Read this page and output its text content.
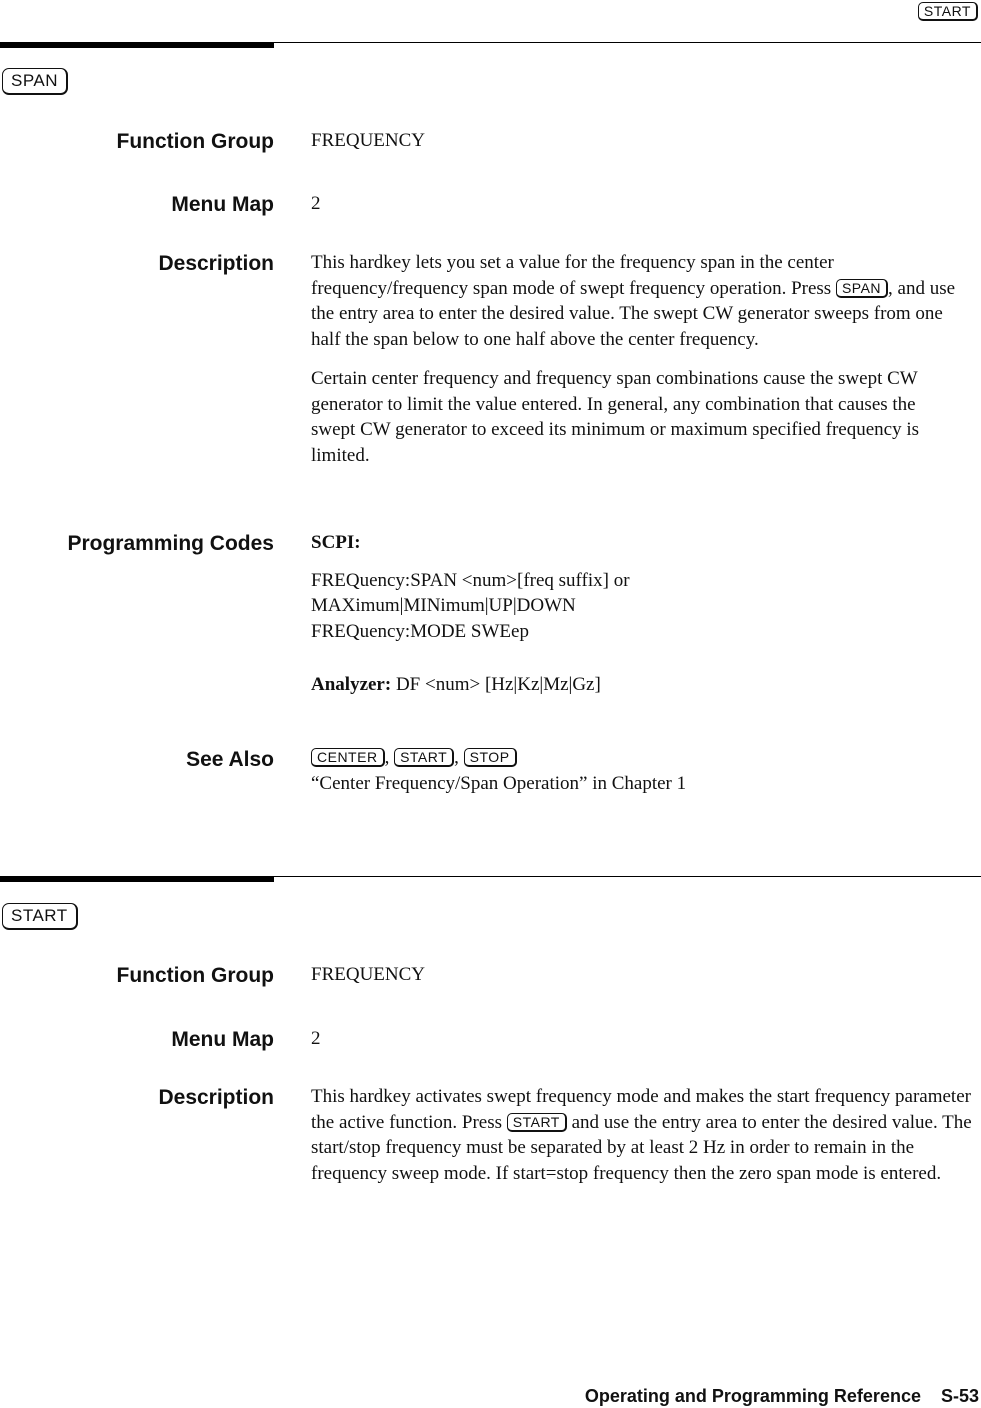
START
SPAN
Function Group FREQUENCY
Menu Map 2
Description This hardkey lets you set a value for the frequency span in the center frequency/frequency span mode of swept frequency operation. Press SPAN , and use the entry area to enter the desired value. The swept CW generator sweeps from one half the span below to one half above the center frequency.

Certain center frequency and frequency span combinations cause the swept CW generator to limit the value entered. In general, any combination that causes the swept CW generator to exceed its minimum or maximum specified frequency is limited.

Programming Codes SCPI:

FREQuency:SPAN <num>[freq suffix] or

MAXimum|MINimum|UP|DOWN

FREQuency:MODE SWEep

Analyzer: DF <num> [Hz|Kz|Mz|Gz]

See Also	CENTER , START , STOP

“Center Frequency/Span Operation” in Chapter 1

START
Function Group FREQUENCY
Menu Map 2
Description This hardkey activates swept frequency mode and makes the start frequency parameter the active function. Press START and use the entry area to enter the desired value. The start/stop frequency must be separated by at least 2 Hz in order to remain in the frequency sweep mode. If start=stop frequency then the zero span mode is entered.

Operating and Programming Reference    S-53
